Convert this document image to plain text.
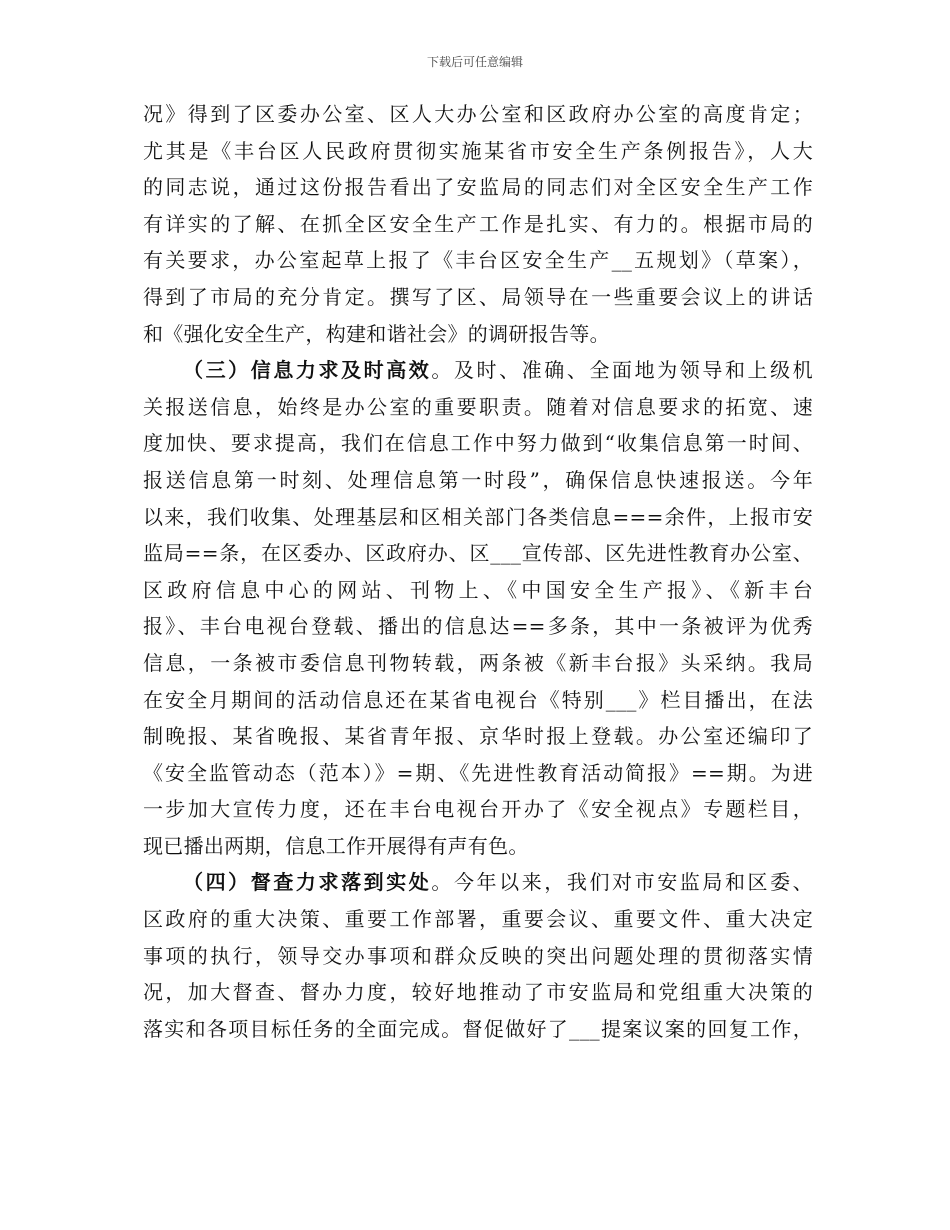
下载后可任意编辑
况》得到了区委办公室、区人大办公室和区政府办公室的高度肯定；
尤其是《丰台区人民政府贯彻实施某省市安全生产条例报告》，人大
的同志说，通过这份报告看出了安监局的同志们对全区安全生产工作
有详实的了解、在抓全区安全生产工作是扎实、有力的。根据市局的
有关要求，办公室起草上报了《丰台区安全生产__五规划》（草案），
得到了市局的充分肯定。撰写了区、局领导在一些重要会议上的讲话
和《强化安全生产，构建和谐社会》的调研报告等。
（三）信息力求及时高效。及时、准确、全面地为领导和上级机
关报送信息，始终是办公室的重要职责。随着对信息要求的拓宽、速
度加快、要求提高，我们在信息工作中努力做到“收集信息第一时间、
报送信息第一时刻、处理信息第一时段”，确保信息快速报送。今年
以来，我们收集、处理基层和区相关部门各类信息===余件，上报市安
监局==条，在区委办、区政府办、区___宣传部、区先进性教育办公室、
区政府信息中心的网站、刊物上、《中国安全生产报》、《新丰台
报》、丰台电视台登载、播出的信息达==多条，其中一条被评为优秀
信息，一条被市委信息刊物转载，两条被《新丰台报》头采纳。我局
在安全月期间的活动信息还在某省电视台《特别___》栏目播出，在法
制晚报、某省晚报、某省青年报、京华时报上登载。办公室还编印了
《安全监管动态（范本）》=期、《先进性教育活动简报》==期。为进
一步加大宣传力度，还在丰台电视台开办了《安全视点》专题栏目，
现已播出两期，信息工作开展得有声有色。
（四）督查力求落到实处。今年以来，我们对市安监局和区委、
区政府的重大决策、重要工作部署，重要会议、重要文件、重大决定
事项的执行，领导交办事项和群众反映的突出问题处理的贯彻落实情
况，加大督查、督办力度，较好地推动了市安监局和党组重大决策的
落实和各项目标任务的全面完成。督促做好了___提案议案的回复工作，
